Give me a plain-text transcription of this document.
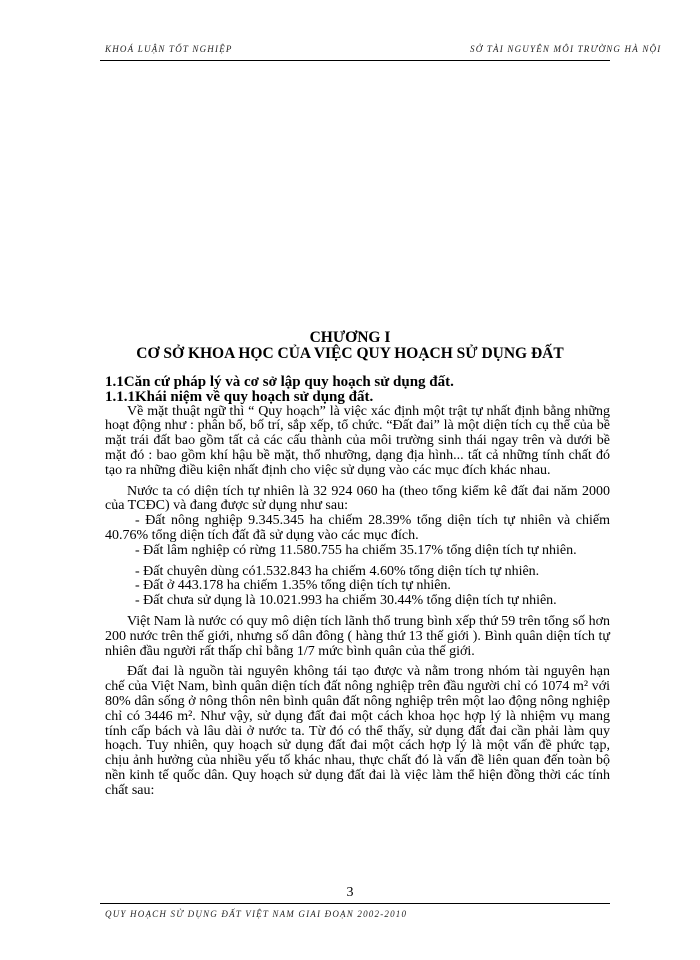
KHOÁ LUẬN TỐT NGHIỆP	SỞ TÀI NGUYÊN MÔI TRƯỜNG HÀ NỘI
CHƯƠNG I
CƠ SỞ KHOA HỌC CỦA VIỆC QUY HOẠCH SỬ DỤNG ĐẤT

1.1Căn cứ pháp lý và cơ sở lập quy hoạch sử dụng đất.

1.1.1Khái niệm về quy hoạch sử dụng đất.

Về mặt thuật ngữ thì “ Quy hoạch” là việc xác định một trật tự nhất định bằng những hoạt động như : phân bố, bố trí, sắp xếp, tổ chức. “Đất đai” là một diện tích cụ thể của bề mặt trái đất bao gồm tất cả các cấu thành của môi trường sinh thái ngay trên và dưới bề mặt đó : bao gồm khí hậu bề mặt, thổ nhưỡng, dạng địa hình... tất cả những tính chất đó tạo ra những điều kiện nhất định cho việc sử dụng vào các mục đích khác nhau.

Nước ta có diện tích tự nhiên là 32 924 060 ha (theo tổng kiểm kê đất đai năm 2000 của TCĐC) và đang được sử dụng như sau:

- Đất nông nghiệp 9.345.345 ha chiếm 28.39% tổng diện tích tự nhiên và chiếm 40.76% tổng diện tích đất đã sử dụng vào các mục đích.

- Đất lâm nghiệp có rừng 11.580.755 ha chiếm 35.17% tổng diện tích tự nhiên.

- Đất chuyên dùng có1.532.843 ha chiếm 4.60% tổng diện tích tự nhiên.

- Đất ở 443.178 ha chiếm 1.35% tổng diện tích tự nhiên.

- Đất chưa sử dụng là 10.021.993 ha chiếm 30.44% tổng diện tích tự nhiên.

Việt Nam là nước có quy mô diện tích lãnh thổ trung bình xếp thứ 59 trên tổng số hơn 200 nước trên thế giới, nhưng số dân đông ( hàng thứ 13 thế giới ). Bình quân diện tích tự nhiên đầu người rất thấp chỉ bằng 1/7 mức bình quân của thế giới.

Đất đai là nguồn tài nguyên không tái tạo được và nằm trong nhóm tài nguyên hạn chế của Việt Nam, bình quân diện tích đất nông nghiệp trên đầu người chỉ có 1074 m² với 80% dân sống ở nông thôn nên bình quân đất nông nghiệp trên một lao động nông nghiệp chỉ có 3446 m². Như vậy, sử dụng đất đai một cách khoa học hợp lý là nhiệm vụ mang tính cấp bách và lâu dài ở nước ta. Từ đó có thể thấy, sử dụng đất đai cần phải làm quy hoạch. Tuy nhiên, quy hoạch sử dụng đất đai một cách hợp lý là một vấn đề phức tạp, chịu ảnh hưởng của nhiều yếu tố khác nhau, thực chất đó là vấn đề liên quan đến toàn bộ nền kinh tế quốc dân. Quy hoạch sử dụng đất đai là việc làm thể hiện đồng thời các tính chất sau:

3
QUY HOẠCH SỬ DỤNG ĐẤT VIỆT NAM GIAI ĐOẠN 2002-2010
